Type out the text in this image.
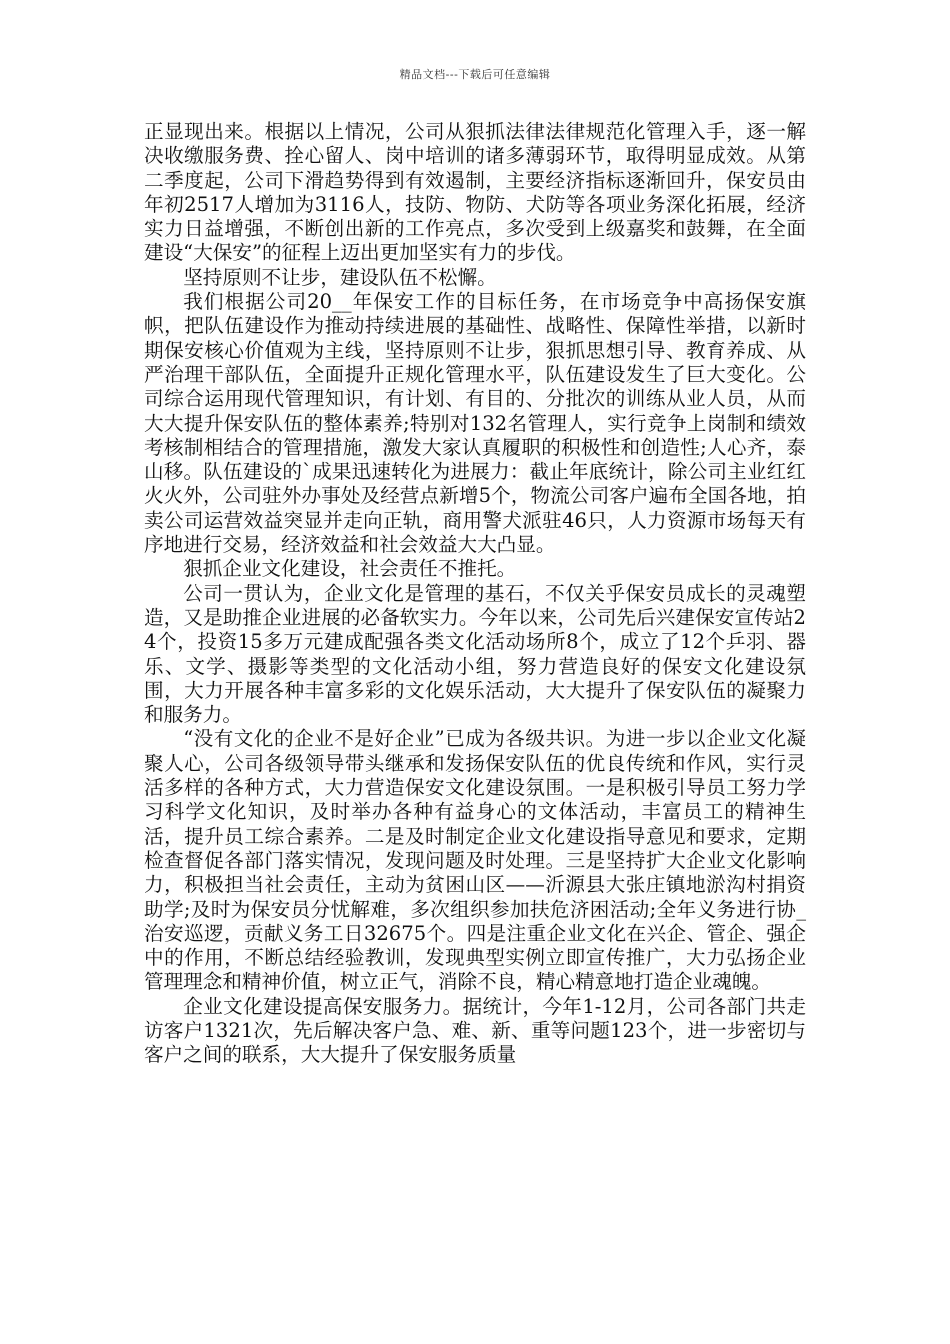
精品文档---下载后可任意编辑

正显现出来。根据以上情况，公司从狠抓法律法律规范化管理入手，逐一解决收缴服务费、拴心留人、岗中培训的诸多薄弱环节，取得明显成效。从第二季度起，公司下滑趋势得到有效遏制，主要经济指标逐渐回升，保安员由年初2517人增加为3116人，技防、物防、犬防等各项业务深化拓展，经济实力日益增强，不断创出新的工作亮点，多次受到上级嘉奖和鼓舞，在全面建设“大保安”的征程上迈出更加坚实有力的步伐。

坚持原则不让步，建设队伍不松懈。

我们根据公司20__年保安工作的目标任务，在市场竞争中高扬保安旗帜，把队伍建设作为推动持续进展的基础性、战略性、保障性举措，以新时期保安核心价值观为主线，坚持原则不让步，狠抓思想引导、教育养成、从严治理干部队伍，全面提升正规化管理水平，队伍建设发生了巨大变化。公司综合运用现代管理知识，有计划、有目的、分批次的训练从业人员，从而大大提升保安队伍的整体素养;特别对132名管理人，实行竞争上岗制和绩效考核制相结合的管理措施，激发大家认真履职的积极性和创造性;人心齐，泰山移。队伍建设的`成果迅速转化为进展力：截止年底统计，除公司主业红红火火外，公司驻外办事处及经营点新增5个，物流公司客户遍布全国各地，拍卖公司运营效益突显并走向正轨，商用警犬派驻46只，人力资源市场每天有序地进行交易，经济效益和社会效益大大凸显。

狠抓企业文化建设，社会责任不推托。

公司一贯认为，企业文化是管理的基石，不仅关乎保安员成长的灵魂塑造，又是助推企业进展的必备软实力。今年以来，公司先后兴建保安宣传站24个，投资15多万元建成配强各类文化活动场所8个，成立了12个乒羽、器乐、文学、摄影等类型的文化活动小组，努力营造良好的保安文化建设氛围，大力开展各种丰富多彩的文化娱乐活动，大大提升了保安队伍的凝聚力和服务力。

“没有文化的企业不是好企业”已成为各级共识。为进一步以企业文化凝聚人心，公司各级领导带头继承和发扬保安队伍的优良传统和作风，实行灵活多样的各种方式，大力营造保安文化建设氛围。一是积极引导员工努力学习科学文化知识，及时举办各种有益身心的文体活动，丰富员工的精神生活，提升员工综合素养。二是及时制定企业文化建设指导意见和要求，定期检查督促各部门落实情况，发现问题及时处理。三是坚持扩大企业文化影响力，积极担当社会责任，主动为贫困山区——沂源县大张庄镇地淤沟村捐资助学;及时为保安员分忧解难，多次组织参加扶危济困活动;全年义务进行协_治安巡逻，贡献义务工日32675个。四是注重企业文化在兴企、管企、强企中的作用，不断总结经验教训，发现典型实例立即宣传推广，大力弘扬企业管理理念和精神价值，树立正气，消除不良，精心精意地打造企业魂魄。

企业文化建设提高保安服务力。据统计，今年1-12月，公司各部门共走访客户1321次，先后解决客户急、难、新、重等问题123个，进一步密切与客户之间的联系，大大提升了保安服务质量
